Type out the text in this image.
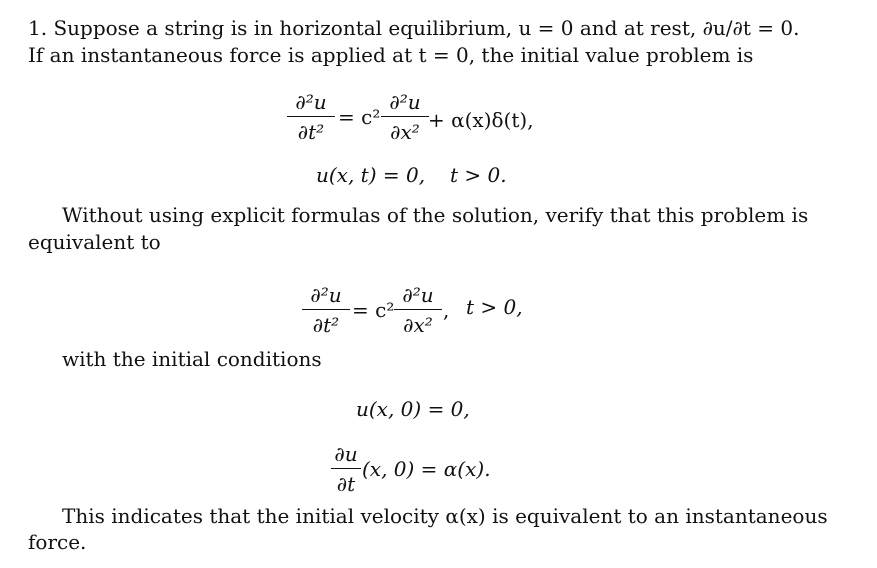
1. Suppose a string is in horizontal equilibrium, u = 0 and at rest, ∂u/∂t = 0.
If an instantaneous force is applied at t = 0, the initial value problem is
∂²u
∂t²
= c²
∂²u
∂x² + α(x)δ(t),
u(x, t) = 0, t > 0.
Without using explicit formulas of the solution, verify that this problem is
equivalent to
∂²u
∂t²
= c²
∂²u
∂x²
, t > 0,
with the initial conditions
u(x, 0) = 0,
∂u
∂t
(x, 0) = α(x).
This indicates that the initial velocity α(x) is equivalent to an instantaneous
force.
